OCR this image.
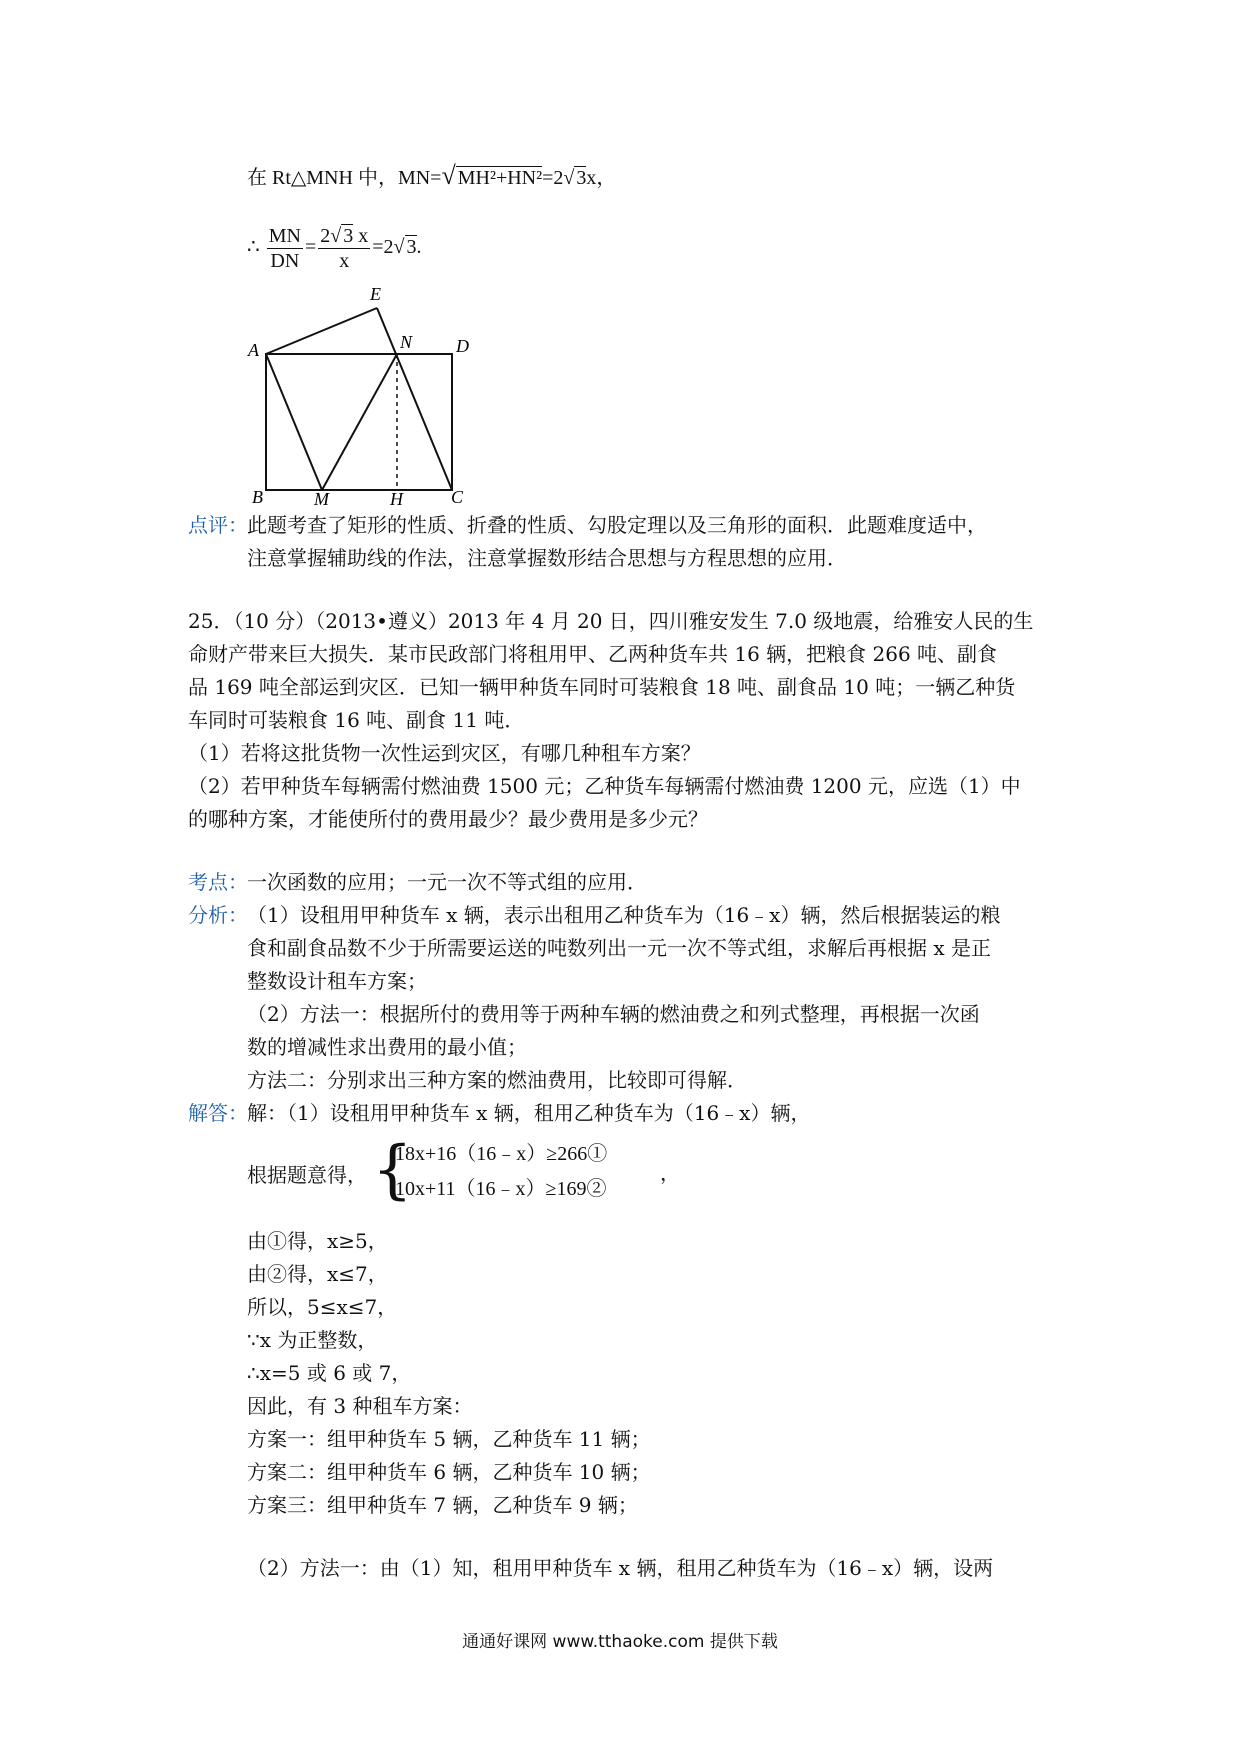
在 Rt△MNH 中，MN=√ MH²+HN²=2√ 3x，
∴ $\frac{MN}{DN} = \frac{2√ 3 x}{x} =2√$ 3.
E
A	N D
B	M	H	C
点评： 此题考查了矩形的性质、折叠的性质、勾股定理以及三角形的面积．此题难度适中，
注意掌握辅助线的作法，注意掌握数形结合思想与方程思想的应用．
25．（10 分）（2013•遵义）2013 年 4 月 20 日，四川雅安发生 7.0 级地震，给雅安人民的生
命财产带来巨大损失．某市民政部门将租用甲、乙两种货车共 16 辆，把粮食 266 吨、副食
品 169 吨全部运到灾区．已知一辆甲种货车同时可装粮食 18 吨、副食品 10 吨；一辆乙种货
车同时可装粮食 16 吨、副食 11 吨．
（1）若将这批货物一次性运到灾区，有哪几种租车方案？
（2）若甲种货车每辆需付燃油费 1500 元；乙种货车每辆需付燃油费 1200 元，应选（1）中
的哪种方案，才能使所付的费用最少？最少费用是多少元？
考点： 一次函数的应用；一元一次不等式组的应用．
分析： （1）设租用甲种货车 x 辆，表示出租用乙种货车为（16﹣x）辆，然后根据装运的粮
食和副食品数不少于所需要运送的吨数列出一元一次不等式组，求解后再根据 x 是正
整数设计租车方案；
（2）方法一：根据所付的费用等于两种车辆的燃油费之和列式整理，再根据一次函
数的增减性求出费用的最小值；
方法二：分别求出三种方案的燃油费用，比较即可得解．
解答： 解：（1）设租用甲种货车 x 辆，租用乙种货车为（16﹣x）辆，
根据题意得， {
18x+16（16﹣x）≥266①
10x+11（16﹣x）≥169②
，
由①得，x≥5，
由②得，x≤7，
所以，5≤x≤7，
∵x 为正整数，
∴x=5 或 6 或 7，
因此，有 3 种租车方案：
方案一：组甲种货车 5 辆，乙种货车 11 辆；
方案二：组甲种货车 6 辆，乙种货车 10 辆；
方案三：组甲种货车 7 辆，乙种货车 9 辆；
（2）方法一：由（1）知，租用甲种货车 x 辆，租用乙种货车为（16﹣x）辆，设两
通通好课网 www.tthaoke.com 提供下载
